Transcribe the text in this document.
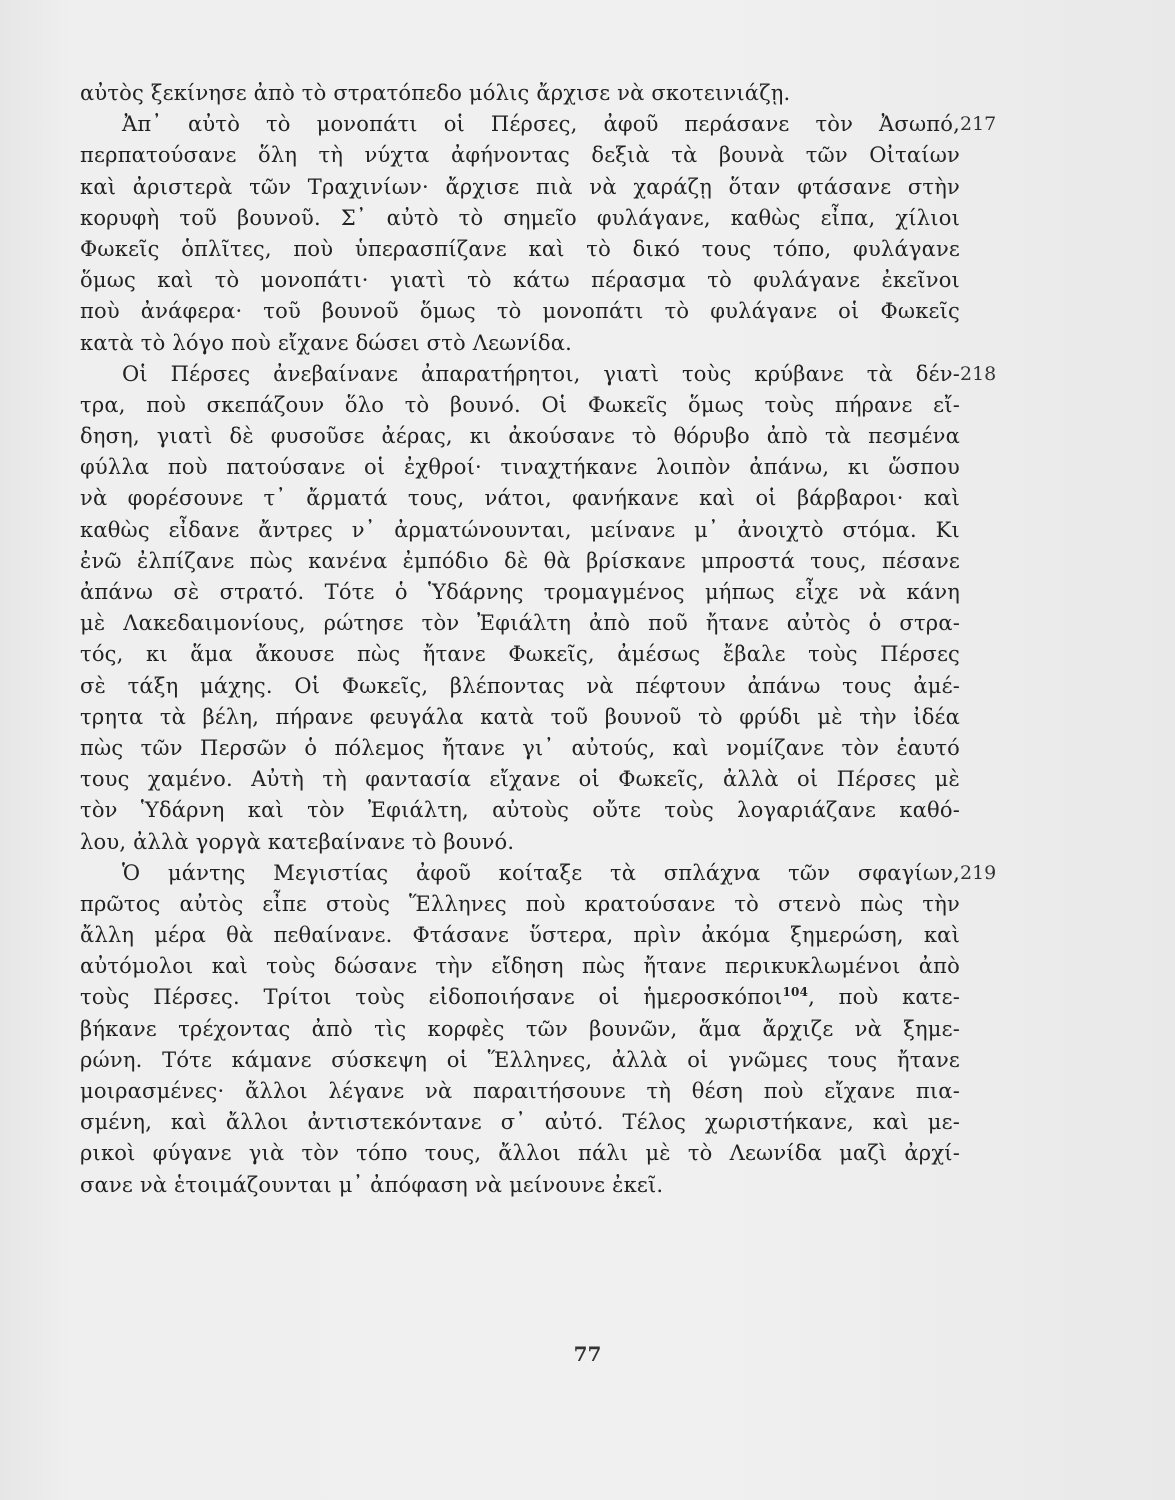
αὐτὸς ξεκίνησε ἀπὸ τὸ στρατόπεδο μόλις ἄρχισε νὰ σκοτεινιάζῃ.
Ἀπ᾽ αὐτὸ τὸ μονοπάτι οἱ Πέρσες, ἀφοῦ περάσανε τὸν Ἀσωπό,
περπατούσανε ὅλη τὴ νύχτα ἀφήνοντας δεξιὰ τὰ βουνὰ τῶν Οἰταίων
καὶ ἀριστερὰ τῶν Τραχινίων· ἄρχισε πιὰ νὰ χαράζῃ ὅταν φτάσανε στὴν
κορυφὴ τοῦ βουνοῦ. Σ᾽ αὐτὸ τὸ σημεῖο φυλάγανε, καθὼς εἶπα, χίλιοι
Φωκεῖς ὁπλῖτες, ποὺ ὑπερασπίζανε καὶ τὸ δικό τους τόπο, φυλάγανε
ὅμως καὶ τὸ μονοπάτι· γιατὶ τὸ κάτω πέρασμα τὸ φυλάγανε ἐκεῖνοι
ποὺ ἀνάφερα· τοῦ βουνοῦ ὅμως τὸ μονοπάτι τὸ φυλάγανε οἱ Φωκεῖς
κατὰ τὸ λόγο ποὺ εἴχανε δώσει στὸ Λεωνίδα.
Οἱ Πέρσες ἀνεβαίνανε ἀπαρατήρητοι, γιατὶ τοὺς κρύβανε τὰ δέν-
τρα, ποὺ σκεπάζουν ὅλο τὸ βουνό. Οἱ Φωκεῖς ὅμως τοὺς πήρανε εἴ-
δηση, γιατὶ δὲ φυσοῦσε ἀέρας, κι ἀκούσανε τὸ θόρυβο ἀπὸ τὰ πεσμένα
φύλλα ποὺ πατούσανε οἱ ἐχθροί· τιναχτήκανε λοιπὸν ἀπάνω, κι ὥσπου
νὰ φορέσουνε τ᾽ ἄρματά τους, νάτοι, φανήκανε καὶ οἱ βάρβαροι· καὶ
καθὼς εἶδανε ἄντρες ν᾽ ἀρματώνουνται, μείνανε μ᾽ ἀνοιχτὸ στόμα. Κι
ἐνῶ ἐλπίζανε πὼς κανένα ἐμπόδιο δὲ θὰ βρίσκανε μπροστά τους, πέσανε
ἀπάνω σὲ στρατό. Τότε ὁ Ὑδάρνης τρομαγμένος μήπως εἶχε νὰ κάνη
μὲ Λακεδαιμονίους, ρώτησε τὸν Ἐφιάλτη ἀπὸ ποῦ ἤτανε αὐτὸς ὁ στρα-
τός, κι ἅμα ἄκουσε πὼς ἤτανε Φωκεῖς, ἀμέσως ἔβαλε τοὺς Πέρσες
σὲ τάξη μάχης. Οἱ Φωκεῖς, βλέποντας νὰ πέφτουν ἀπάνω τους ἀμέ-
τρητα τὰ βέλη, πήρανε φευγάλα κατὰ τοῦ βουνοῦ τὸ φρύδι μὲ τὴν ἰδέα
πὼς τῶν Περσῶν ὁ πόλεμος ἤτανε γι᾽ αὐτούς, καὶ νομίζανε τὸν ἑαυτό
τους χαμένο. Αὐτὴ τὴ φαντασία εἴχανε οἱ Φωκεῖς, ἀλλὰ οἱ Πέρσες μὲ
τὸν Ὑδάρνη καὶ τὸν Ἐφιάλτη, αὐτοὺς οὔτε τοὺς λογαριάζανε καθό-
λου, ἀλλὰ γοργὰ κατεβαίνανε τὸ βουνό.
Ὁ μάντης Μεγιστίας ἀφοῦ κοίταξε τὰ σπλάχνα τῶν σφαγίων,
πρῶτος αὐτὸς εἶπε στοὺς Ἕλληνες ποὺ κρατούσανε τὸ στενὸ πὼς τὴν
ἄλλη μέρα θὰ πεθαίνανε. Φτάσανε ὕστερα, πρὶν ἀκόμα ξημερώση, καὶ
αὐτόμολοι καὶ τοὺς δώσανε τὴν εἴδηση πὼς ἤτανε περικυκλωμένοι ἀπὸ
τοὺς Πέρσες. Τρίτοι τοὺς εἰδοποιήσανε οἱ ἡμεροσκόποι$^{104}$, ποὺ κατε-
βήκανε τρέχοντας ἀπὸ τὶς κορφὲς τῶν βουνῶν, ἅμα ἄρχιζε νὰ ξημε-
ρώνη. Τότε κάμανε σύσκεψη οἱ Ἕλληνες, ἀλλὰ οἱ γνῶμες τους ἤτανε
μοιρασμένες· ἄλλοι λέγανε νὰ παραιτήσουνε τὴ θέση ποὺ εἴχανε πια-
σμένη, καὶ ἄλλοι ἀντιστεκόντανε σ᾽ αὐτό. Τέλος χωριστήκανε, καὶ με-
ρικοὶ φύγανε γιὰ τὸν τόπο τους, ἄλλοι πάλι μὲ τὸ Λεωνίδα μαζὶ ἀρχί-
σανε νὰ ἑτοιμάζουνται μ᾽ ἀπόφαση νὰ μείνουνε ἐκεῖ.
77
217
218
219
